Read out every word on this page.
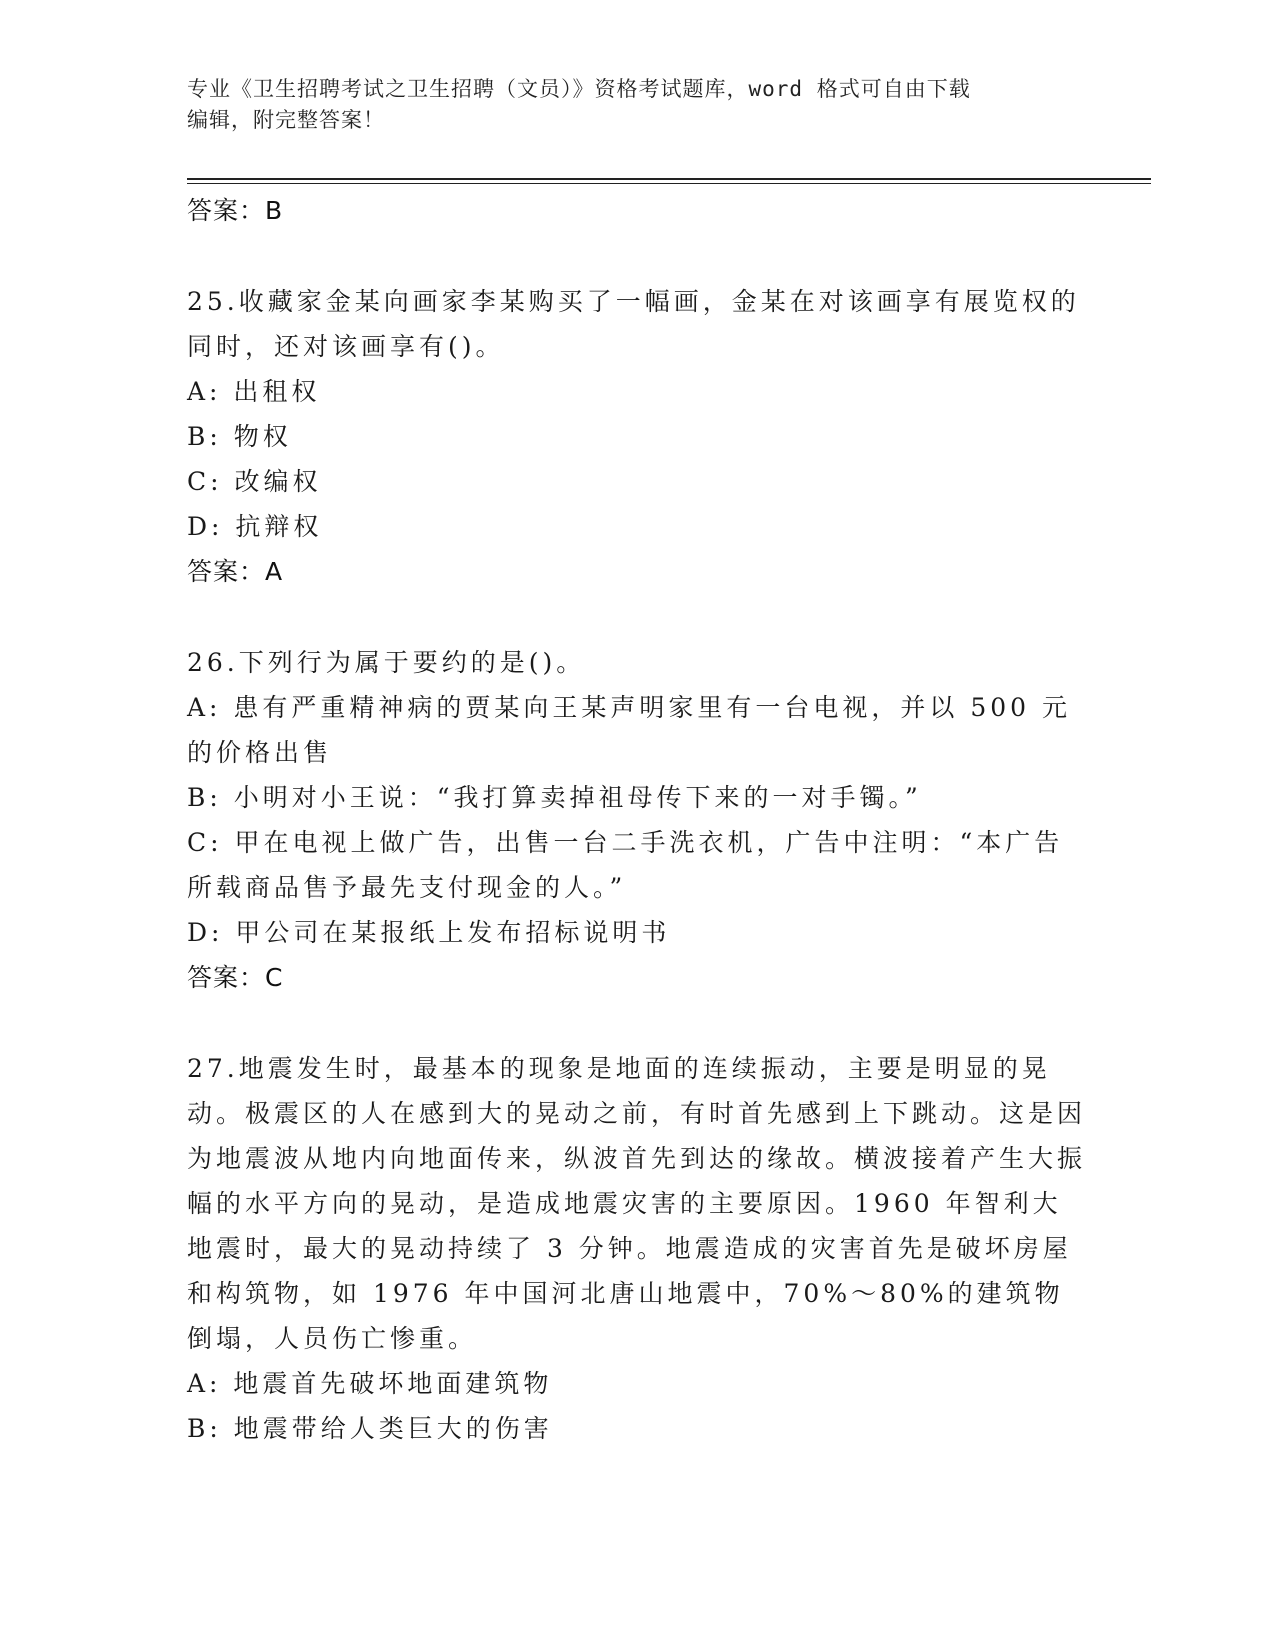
专业《卫生招聘考试之卫生招聘（文员）》资格考试题库，word 格式可自由下载
编辑，附完整答案！
答案：B
25.收藏家金某向画家李某购买了一幅画，金某在对该画享有展览权的同时，还对该画享有()。
A: 出租权
B: 物权
C: 改编权
D: 抗辩权
答案：A
26.下列行为属于要约的是()。
A: 患有严重精神病的贾某向王某声明家里有一台电视，并以 500 元的价格出售
B: 小明对小王说：“我打算卖掉祖母传下来的一对手镯。”
C: 甲在电视上做广告，出售一台二手洗衣机，广告中注明：“本广告所载商品售予最先支付现金的人。”
D: 甲公司在某报纸上发布招标说明书
答案：C
27.地震发生时，最基本的现象是地面的连续振动，主要是明显的晃动。极震区的人在感到大的晃动之前，有时首先感到上下跳动。这是因为地震波从地内向地面传来，纵波首先到达的缘故。横波接着产生大振幅的水平方向的晃动，是造成地震灾害的主要原因。1960 年智利大地震时，最大的晃动持续了 3 分钟。地震造成的灾害首先是破坏房屋和构筑物，如 1976 年中国河北唐山地震中，70%～80%的建筑物倒塌，人员伤亡惨重。
A: 地震首先破坏地面建筑物
B: 地震带给人类巨大的伤害
